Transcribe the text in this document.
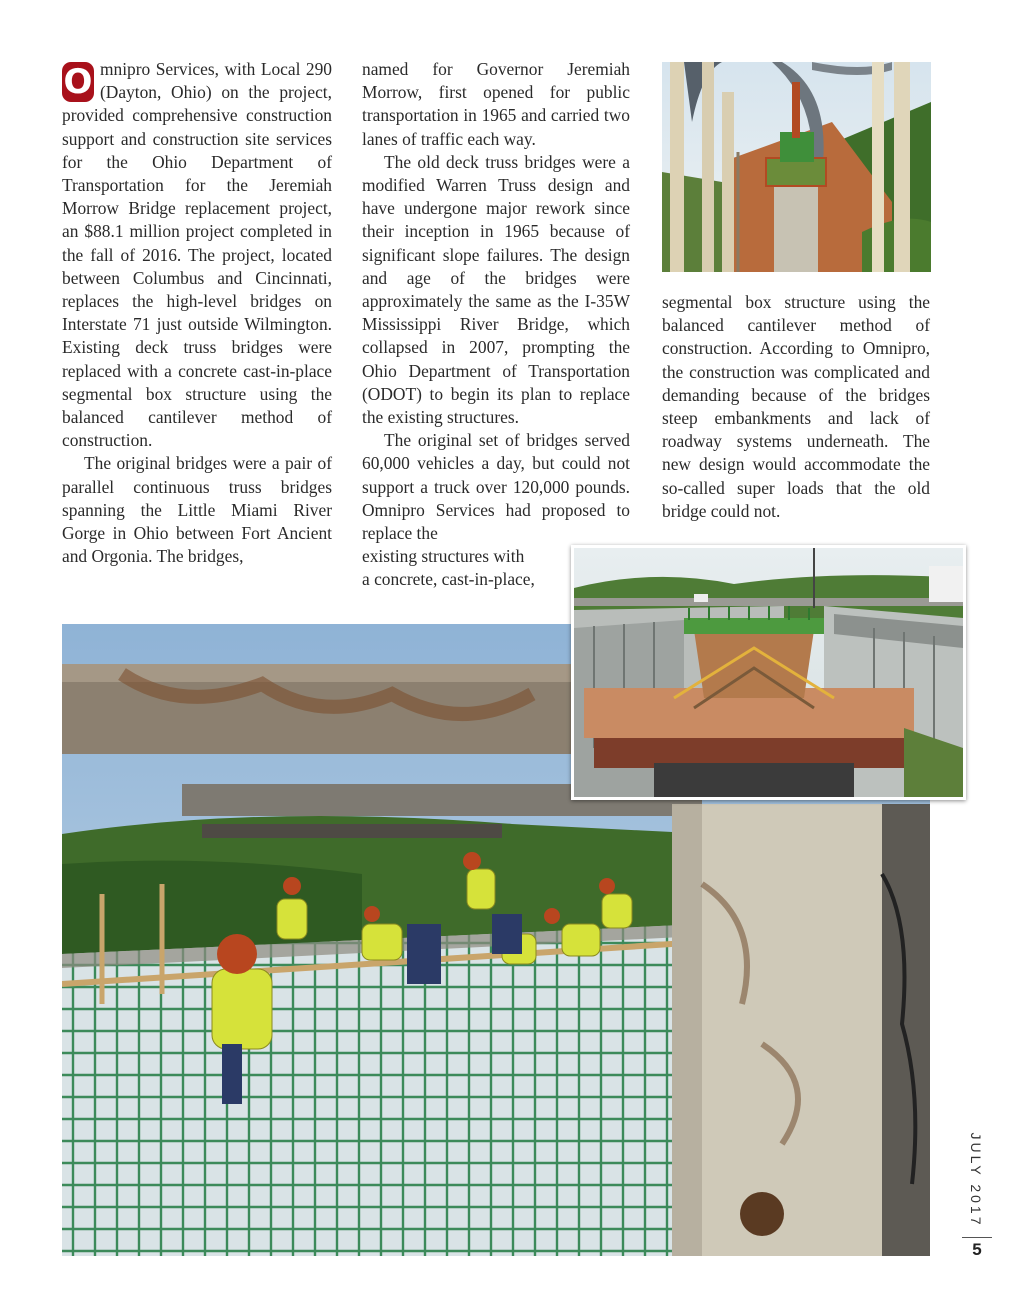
O mnipro Services, with Local 290 (Dayton, Ohio) on the project, provided comprehensive construction support and construction site services for the Ohio Department of Transportation for the Jeremiah Morrow Bridge replacement project, an $88.1 million project completed in the fall of 2016. The project, located between Columbus and Cincinnati, replaces the high-level bridges on Interstate 71 just outside Wilmington. Existing deck truss bridges were replaced with a concrete cast-in-place segmental box structure using the balanced cantilever method of construction.

The original bridges were a pair of parallel continuous truss bridges spanning the Little Miami River Gorge in Ohio between Fort Ancient and Orgonia. The bridges,

named for Governor Jeremiah Morrow, first opened for public transportation in 1965 and carried two lanes of traffic each way.

The old deck truss bridges were a modified Warren Truss design and have undergone major rework since their inception in 1965 because of significant slope failures. The design and age of the bridges were approximately the same as the I-35W Mississippi River Bridge, which collapsed in 2007, prompting the Ohio Department of Transportation (ODOT) to begin its plan to replace the existing structures.

The original set of bridges served 60,000 vehicles a day, but could not support a truck over 120,000 pounds. Omnipro Services had proposed to replace the
existing structures with
a concrete, cast-in-place,

segmental box structure using the balanced cantilever method of construction. According to Omnipro, the construction was complicated and demanding because of the bridges steep embankments and lack of roadway systems underneath. The new design would accommodate the so-called super loads that the old bridge could not.

JULY 2017
5
